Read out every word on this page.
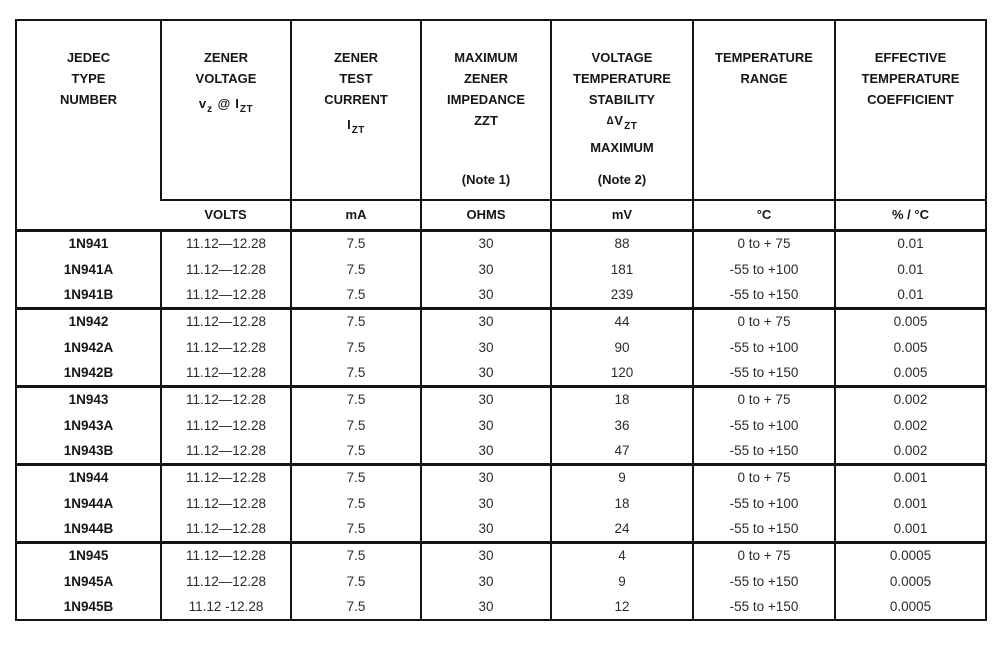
JEDEC
TYPE
NUMBER

ZENER
VOLTAGE
$v_z$ @ $I_{ZT}$	
ZENER
TEST
CURRENT
$I_{ZT}$	
MAXIMUM
ZENER
IMPEDANCE
ZZT
(Note 1)

VOLTAGE
TEMPERATURE
STABILITY
$\Delta V_{ZT}$
MAXIMUM
(Note 2)

TEMPERATURE
RANGE

EFFECTIVE
TEMPERATURE
COEFFICIENT

	VOLTS	mA	OHMS	mV	°C	% / °C
1N941	11.12—12.28	7.5	30	88	0 to + 75	0.01
1N941A	11.12—12.28	7.5	30	181	-55 to +100	0.01
1N941B	11.12—12.28	7.5	30	239	-55 to +150	0.01
1N942	11.12—12.28	7.5	30	44	0 to + 75	0.005
1N942A	11.12—12.28	7.5	30	90	-55 to +100	0.005
1N942B	11.12—12.28	7.5	30	120	-55 to +150	0.005
1N943	11.12—12.28	7.5	30	18	0 to + 75	0.002
1N943A	11.12—12.28	7.5	30	36	-55 to +100	0.002
1N943B	11.12—12.28	7.5	30	47	-55 to +150	0.002
1N944	11.12—12.28	7.5	30	9	0 to + 75	0.001
1N944A	11.12—12.28	7.5	30	18	-55 to +100	0.001
1N944B	11.12—12.28	7.5	30	24	-55 to +150	0.001
1N945	11.12—12.28	7.5	30	4	0 to + 75	0.0005
1N945A	11.12—12.28	7.5	30	9	-55 to +150	0.0005
1N945B	11.12 -12.28	7.5	30	12	-55 to +150	0.0005
